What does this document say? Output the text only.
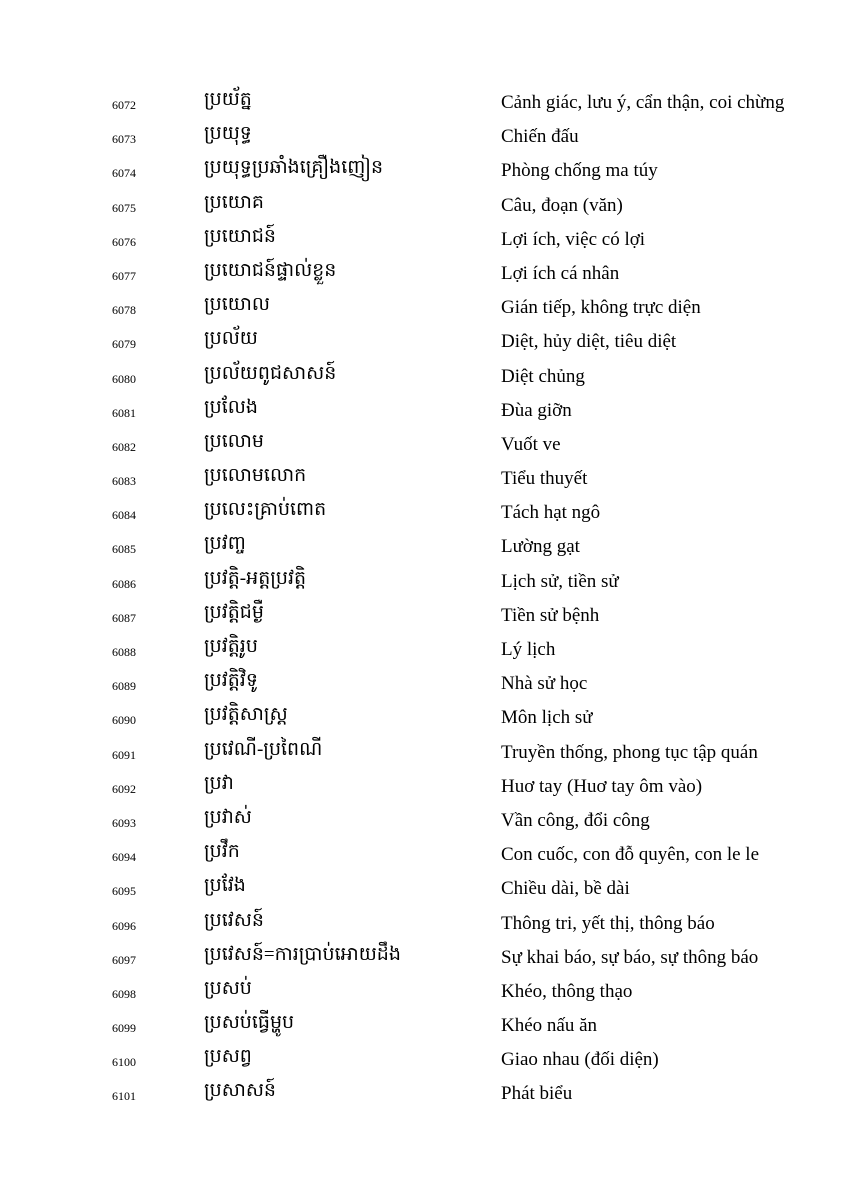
6072	ប្រយ័ត្ន	Cảnh giác, lưu ý, cẩn thận, coi chừng
6073	ប្រយុទ្ធ	Chiến đấu
6074	ប្រយុទ្ធប្រឆាំងគ្រឿងញៀន	Phòng chống ma túy
6075	ប្រយោគ	Câu, đoạn (văn)
6076	ប្រយោជន៍	Lợi ích, việc có lợi
6077	ប្រយោជន៍ផ្ទាល់ខ្លួន	Lợi ích cá nhân
6078	ប្រយោល	Gián tiếp, không trực diện
6079	ប្រល័យ	Diệt, hủy diệt, tiêu diệt
6080	ប្រល័យពូជសាសន៍	Diệt chủng
6081	ប្រលែង	Đùa giỡn
6082	ប្រលោម	Vuốt ve
6083	ប្រលោមលោក	Tiểu thuyết
6084	ប្រលេះគ្រាប់ពោត	Tách hạt ngô
6085	ប្រវញ្ច	Lường gạt
6086	ប្រវត្តិ-អត្តប្រវត្តិ	Lịch sử, tiền sử
6087	ប្រវត្តិជម្ងឺ	Tiền sử bệnh
6088	ប្រវត្តិរូប	Lý lịch
6089	ប្រវត្តិវិទូ	Nhà sử học
6090	ប្រវត្តិសាស្ត្រ	Môn lịch sử
6091	ប្រវេណី-ប្រពៃណី	Truyền thống, phong tục tập quán
6092	ប្រវា	Huơ tay (Huơ tay ôm vào)
6093	ប្រវាស់	Vần công, đổi công
6094	ប្រវឹក	Con cuốc, con đỗ quyên, con le le
6095	ប្រវែង	Chiều dài, bề dài
6096	ប្រវេសន៍	Thông tri, yết thị, thông báo
6097	ប្រវេសន៍=ការប្រាប់អោយដឹង	Sự khai báo, sự báo, sự thông báo
6098	ប្រសប់	Khéo, thông thạo
6099	ប្រសប់ធ្វើម្ហូប	Khéo nấu ăn
6100	ប្រសព្វ	Giao nhau (đối diện)
6101	ប្រសាសន៍	Phát biểu
